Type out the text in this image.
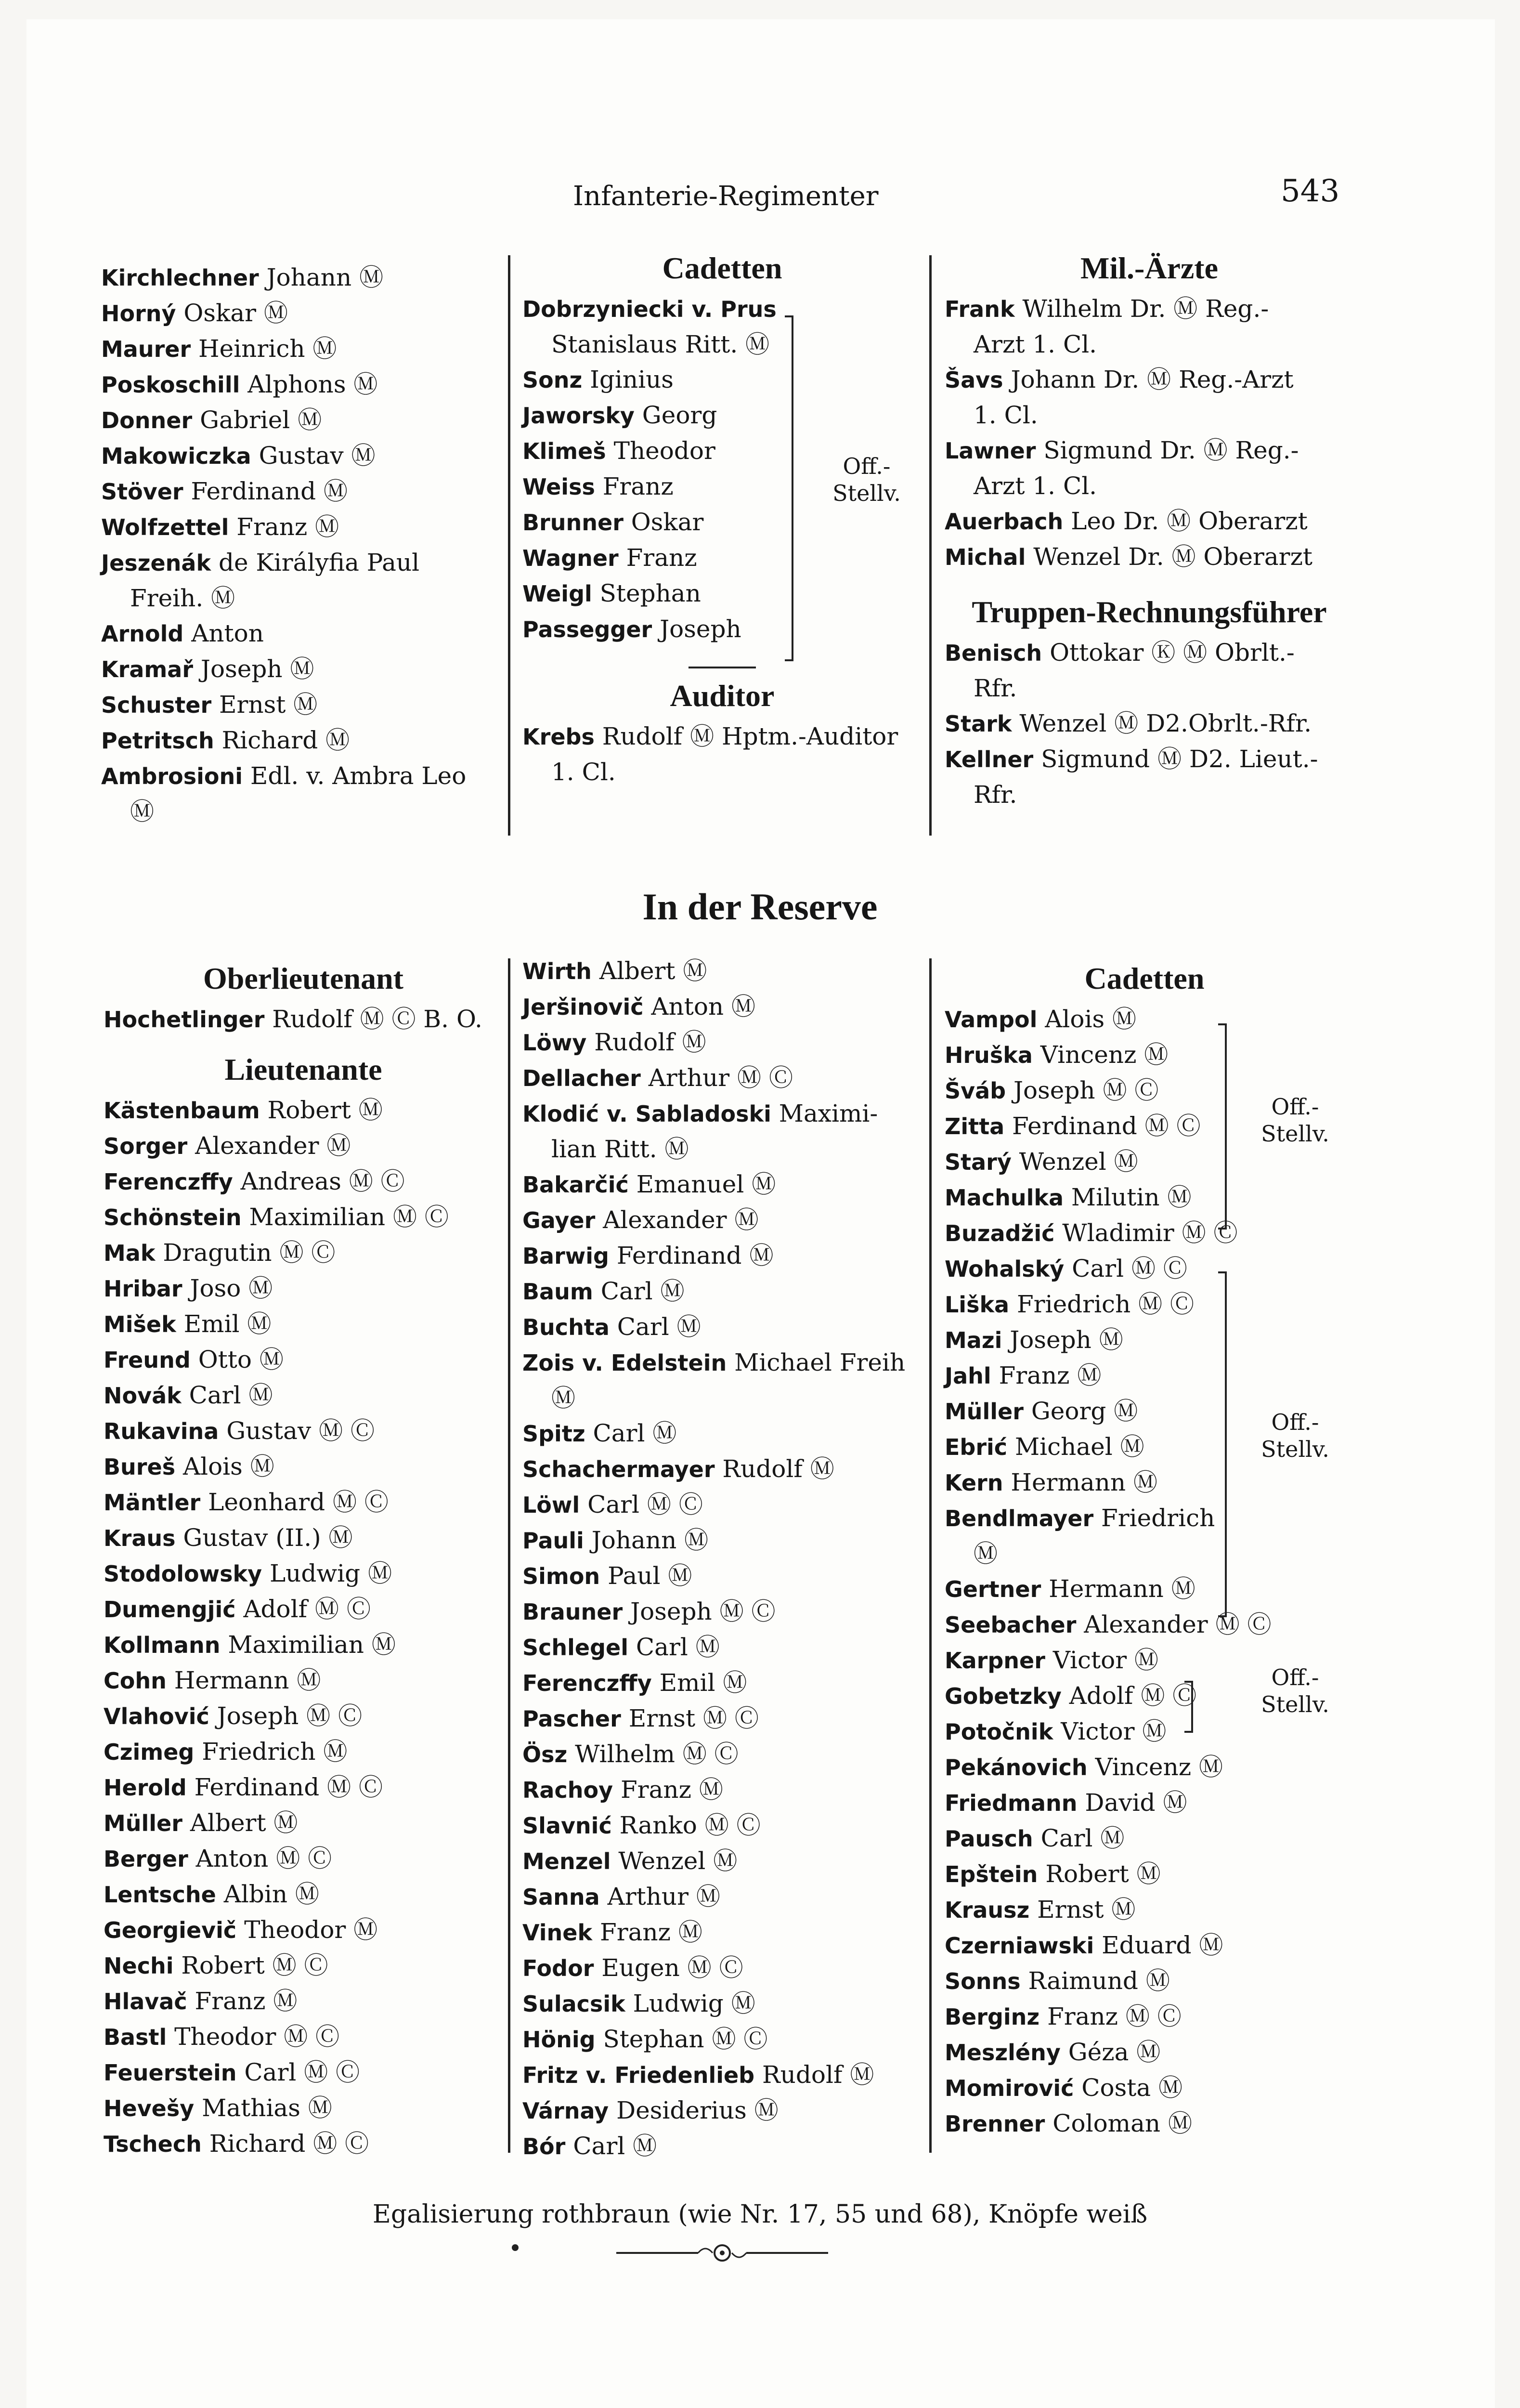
Infanterie-Regimenter	543
Kirchlechner Johann Ⓜ
Horný Oskar Ⓜ
Maurer Heinrich Ⓜ
Poskoschill Alphons Ⓜ
Donner Gabriel Ⓜ
Makowiczka Gustav Ⓜ
Stöver Ferdinand Ⓜ
Wolfzettel Franz Ⓜ
Jeszenák de Királyfia Paul
Freih. Ⓜ
Arnold Anton
Kramař Joseph Ⓜ
Schuster Ernst Ⓜ
Petritsch Richard Ⓜ
Ambrosioni Edl. v. Ambra Leo
Ⓜ
Cadetten
Dobrzyniecki v. Prus
Stanislaus Ritt. Ⓜ
Sonz Iginius
Jaworsky Georg
Klimeš Theodor
Weiss Franz
Brunner Oskar
Wagner Franz
Weigl Stephan
Passegger Joseph
Auditor
Krebs Rudolf Ⓜ Hptm.-Auditor
1. Cl.
Off.- Stellv.
Mil.-Ärzte
Frank Wilhelm Dr. Ⓜ Reg.-
Arzt 1. Cl.
Šavs Johann Dr. Ⓜ Reg.-Arzt
1. Cl.
Lawner Sigmund Dr. Ⓜ Reg.-
Arzt 1. Cl.
Auerbach Leo Dr. Ⓜ Oberarzt
Michal Wenzel Dr. Ⓜ Oberarzt
Truppen-Rechnungsführer
Benisch Ottokar Ⓚ Ⓜ Obrlt.-
Rfr.
Stark Wenzel Ⓜ D2.Obrlt.-Rfr.
Kellner Sigmund Ⓜ D2. Lieut.-
Rfr.
In der Reserve
Oberlieutenant
Hochetlinger Rudolf Ⓜ Ⓒ B. O.
Lieutenante
Kästenbaum Robert Ⓜ
Sorger Alexander Ⓜ
Ferenczffy Andreas Ⓜ Ⓒ
Schönstein Maximilian Ⓜ Ⓒ
Mak Dragutin Ⓜ Ⓒ
Hribar Joso Ⓜ
Mišek Emil Ⓜ
Freund Otto Ⓜ
Novák Carl Ⓜ
Rukavina Gustav Ⓜ Ⓒ
Bureš Alois Ⓜ
Mäntler Leonhard Ⓜ Ⓒ
Kraus Gustav (II.) Ⓜ
Stodolowsky Ludwig Ⓜ
Dumengjić Adolf Ⓜ Ⓒ
Kollmann Maximilian Ⓜ
Cohn Hermann Ⓜ
Vlahović Joseph Ⓜ Ⓒ
Czimeg Friedrich Ⓜ
Herold Ferdinand Ⓜ Ⓒ
Müller Albert Ⓜ
Berger Anton Ⓜ Ⓒ
Lentsche Albin Ⓜ
Georgievič Theodor Ⓜ
Nechi Robert Ⓜ Ⓒ
Hlavač Franz Ⓜ
Bastl Theodor Ⓜ Ⓒ
Feuerstein Carl Ⓜ Ⓒ
Hevešy Mathias Ⓜ
Tschech Richard Ⓜ Ⓒ
Wirth Albert Ⓜ
Jeršinovič Anton Ⓜ
Löwy Rudolf Ⓜ
Dellacher Arthur Ⓜ Ⓒ
Klodić v. Sabladoski Maximi-
lian Ritt. Ⓜ
Bakarčić Emanuel Ⓜ
Gayer Alexander Ⓜ
Barwig Ferdinand Ⓜ
Baum Carl Ⓜ
Buchta Carl Ⓜ
Zois v. Edelstein Michael Freih
Ⓜ
Spitz Carl Ⓜ
Schachermayer Rudolf Ⓜ
Löwl Carl Ⓜ Ⓒ
Pauli Johann Ⓜ
Simon Paul Ⓜ
Brauner Joseph Ⓜ Ⓒ
Schlegel Carl Ⓜ
Ferenczffy Emil Ⓜ
Pascher Ernst Ⓜ Ⓒ
Ösz Wilhelm Ⓜ Ⓒ
Rachoy Franz Ⓜ
Slavnić Ranko Ⓜ Ⓒ
Menzel Wenzel Ⓜ
Sanna Arthur Ⓜ
Vinek Franz Ⓜ
Fodor Eugen Ⓜ Ⓒ
Sulacsik Ludwig Ⓜ
Hönig Stephan Ⓜ Ⓒ
Fritz v. Friedenlieb Rudolf Ⓜ
Várnay Desiderius Ⓜ
Bór Carl Ⓜ
Cadetten
Vampol Alois Ⓜ
Hruška Vincenz Ⓜ
Šváb Joseph Ⓜ Ⓒ
Zitta Ferdinand Ⓜ Ⓒ
Starý Wenzel Ⓜ
Machulka Milutin Ⓜ
Buzadžić Wladimir Ⓜ Ⓒ
Wohalský Carl Ⓜ Ⓒ
Liška Friedrich Ⓜ Ⓒ
Mazi Joseph Ⓜ
Jahl Franz Ⓜ
Müller Georg Ⓜ
Ebrić Michael Ⓜ
Kern Hermann Ⓜ
Bendlmayer Friedrich
Ⓜ
Gertner Hermann Ⓜ
Seebacher Alexander Ⓜ Ⓒ
Karpner Victor Ⓜ
Gobetzky Adolf Ⓜ Ⓒ
Potočnik Victor Ⓜ
Pekánovich Vincenz Ⓜ
Friedmann David Ⓜ
Pausch Carl Ⓜ
Epštein Robert Ⓜ
Krausz Ernst Ⓜ
Czerniawski Eduard Ⓜ
Sonns Raimund Ⓜ
Berginz Franz Ⓜ Ⓒ
Meszlény Géza Ⓜ
Momirović Costa Ⓜ
Brenner Coloman Ⓜ
Off.- Stellv.
Off.- Stellv.
Off.- Stellv.
Egalisierung rothbraun (wie Nr. 17, 55 und 68), Knöpfe weiß
